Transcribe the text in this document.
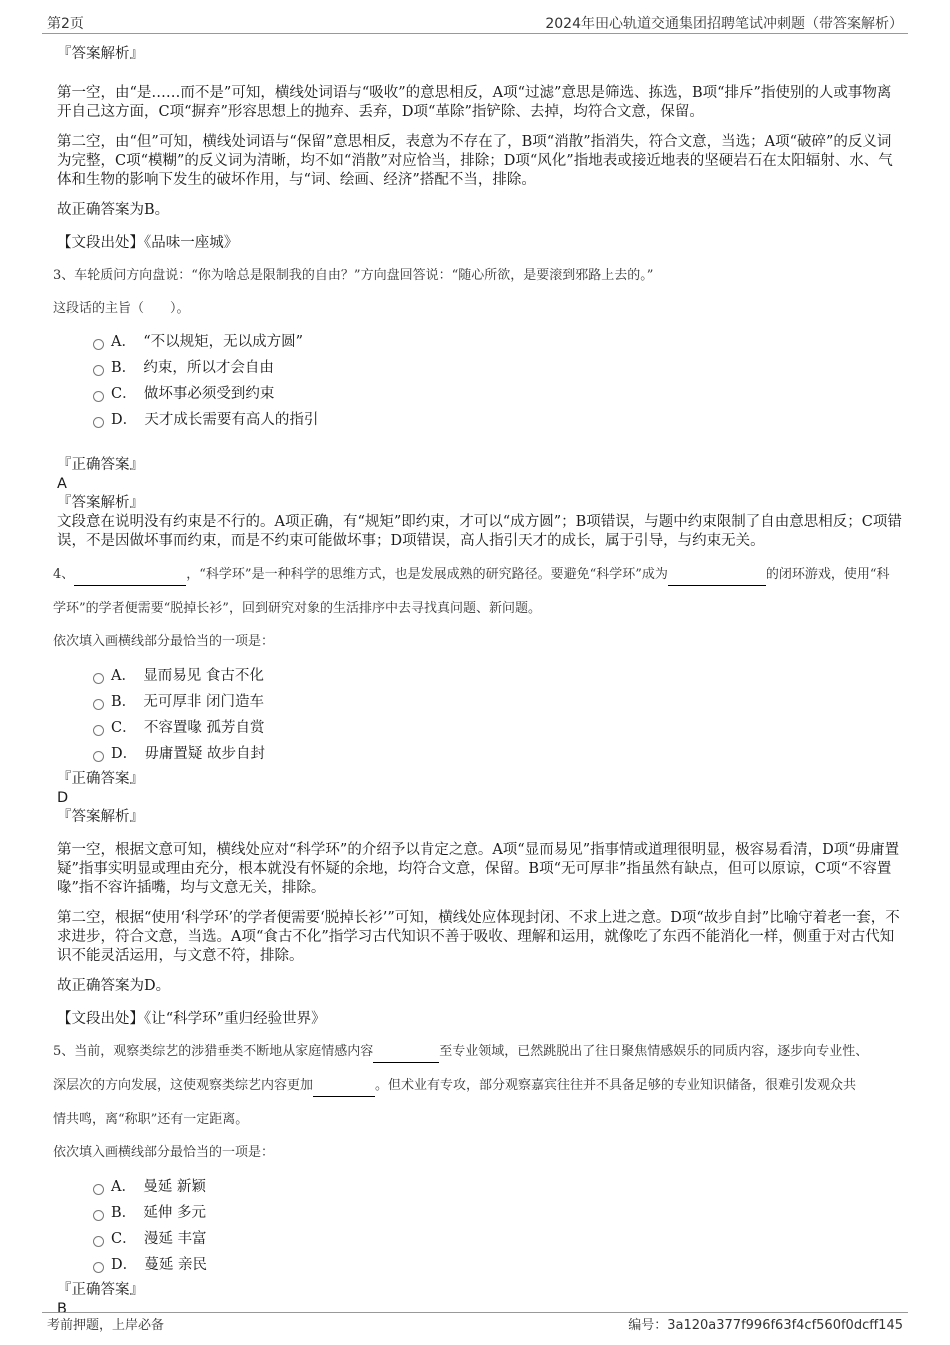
第2页	2024年田心轨道交通集团招聘笔试冲刺题（带答案解析）

『答案解析』

第一空，由“是……而不是”可知，横线处词语与“吸收”的意思相反，A项“过滤”意思是筛选、拣选，B项“排斥”指使别的人或事物离开自己这方面，C项“摒弃”形容思想上的抛弃、丢弃，D项“革除”指铲除、去掉，均符合文意，保留。

第二空，由“但”可知，横线处词语与“保留”意思相反，表意为不存在了，B项“消散”指消失，符合文意，当选；A项“破碎”的反义词为完整，C项“模糊”的反义词为清晰，均不如“消散”对应恰当，排除；D项“风化”指地表或接近地表的坚硬岩石在太阳辐射、水、气体和生物的影响下发生的破坏作用，与“词、绘画、经济”搭配不当，排除。

故正确答案为B。

【文段出处】《品味一座城》

3、车轮质问方向盘说：“你为啥总是限制我的自由？”方向盘回答说：“随心所欲，是要滚到邪路上去的。”

这段话的主旨（　　）。

A．　“不以规矩，无以成方圆”
B．　约束，所以才会自由
C．　做坏事必须受到约束
D．　天才成长需要有高人的指引

『正确答案』

A

『答案解析』

文段意在说明没有约束是不行的。A项正确，有“规矩”即约束，才可以“成方圆”；B项错误，与题中约束限制了自由意思相反；C项错误，不是因做坏事而约束，而是不约束可能做坏事；D项错误，高人指引天才的成长，属于引导，与约束无关。

4、	，“科学环”是一种科学的思维方式，也是发展成熟的研究路径。要避免“科学环”成为	的闭环游戏，使用“科

学环”的学者便需要“脱掉长衫”，回到研究对象的生活排序中去寻找真问题、新问题。

依次填入画横线部分最恰当的一项是：

A．　显而易见 食古不化
B．　无可厚非 闭门造车
C．　不容置喙 孤芳自赏
D．　毋庸置疑 故步自封

『正确答案』

D

『答案解析』

第一空，根据文意可知，横线处应对“科学环”的介绍予以肯定之意。A项“显而易见”指事情或道理很明显，极容易看清，D项“毋庸置疑”指事实明显或理由充分，根本就没有怀疑的余地，均符合文意，保留。B项“无可厚非”指虽然有缺点，但可以原谅，C项“不容置喙”指不容许插嘴，均与文意无关，排除。

第二空，根据“使用‘科学环’的学者便需要‘脱掉长衫’”可知，横线处应体现封闭、不求上进之意。D项“故步自封”比喻守着老一套，不求进步，符合文意，当选。A项“食古不化”指学习古代知识不善于吸收、理解和运用，就像吃了东西不能消化一样，侧重于对古代知识不能灵活运用，与文意不符，排除。

故正确答案为D。

【文段出处】《让“科学环”重归经验世界》

5、当前，观察类综艺的涉猎垂类不断地从家庭情感内容	至专业领域，已然跳脱出了往日聚焦情感娱乐的同质内容，逐步向专业性、

深层次的方向发展，这使观察类综艺内容更加	。但术业有专攻，部分观察嘉宾往往并不具备足够的专业知识储备，很难引发观众共

情共鸣，离“称职”还有一定距离。

依次填入画横线部分最恰当的一项是：

A．　曼延 新颖
B．　延伸 多元
C．　漫延 丰富
D．　蔓延 亲民

『正确答案』

B

考前押题，上岸必备	编号：3a120a377f996f63f4cf560f0dcff145
